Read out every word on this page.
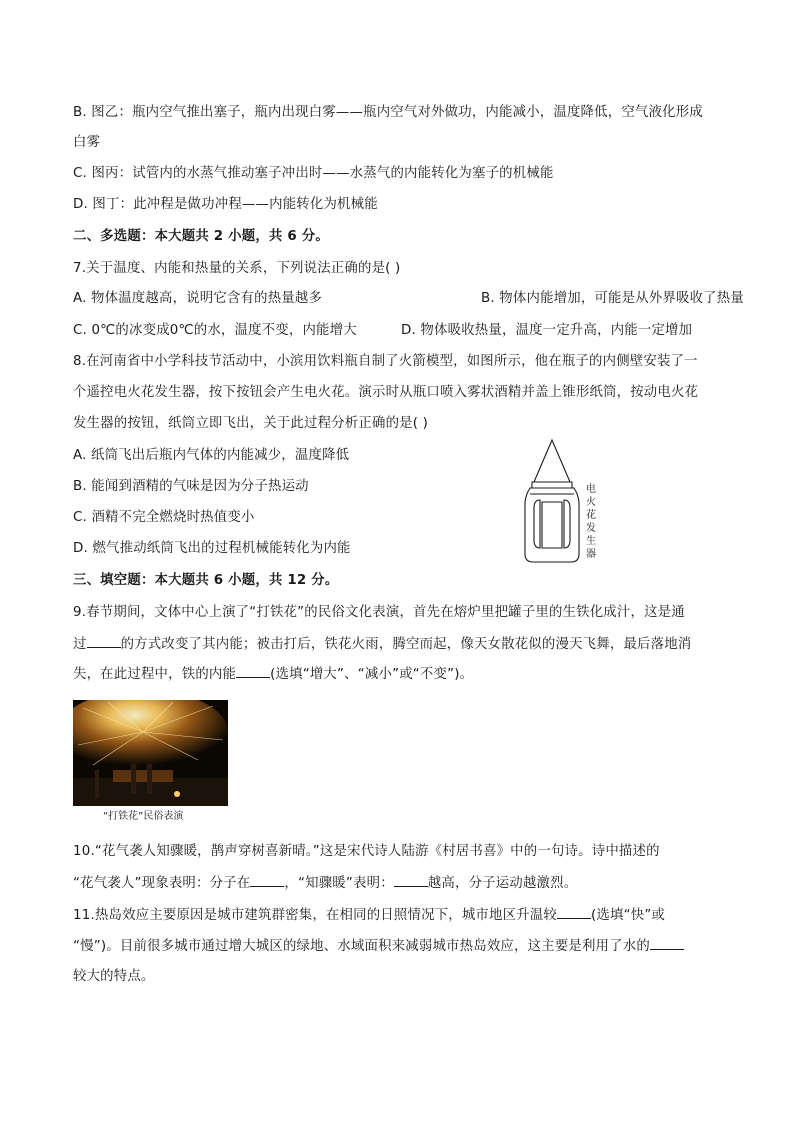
B. 图乙：瓶内空气推出塞子，瓶内出现白雾——瓶内空气对外做功，内能减小，温度降低，空气液化形成

白雾

C. 图丙：试管内的水蒸气推动塞子冲出时——水蒸气的内能转化为塞子的机械能

D. 图丁：此冲程是做功冲程——内能转化为机械能

二、多选题：本大题共 2 小题，共 6 分。

7.关于温度、内能和热量的关系，下列说法正确的是( )

A. 物体温度越高，说明它含有的热量越多	B. 物体内能增加，可能是从外界吸收了热量
C. 0℃的冰变成0℃的水，温度不变，内能增大	D. 物体吸收热量，温度一定升高，内能一定增加

8.在河南省中小学科技节活动中，小滨用饮料瓶自制了火箭模型，如图所示，他在瓶子的内侧壁安装了一

个遥控电火花发生器，按下按钮会产生电火花。演示时从瓶口喷入雾状酒精并盖上锥形纸筒，按动电火花

发生器的按钮，纸筒立即飞出，关于此过程分析正确的是( )

A. 纸筒飞出后瓶内气体的内能减少，温度降低

B. 能闻到酒精的气味是因为分子热运动

C. 酒精不完全燃烧时热值变小

D. 燃气推动纸筒飞出的过程机械能转化为内能

电
火
花
发
生
器

三、填空题：本大题共 6 小题，共 12 分。

9.春节期间，文体中心上演了“打铁花”的民俗文化表演，首先在熔炉里把罐子里的生铁化成汁，这是通

过	的方式改变了其内能；被击打后，铁花火雨，腾空而起，像天女散花似的漫天飞舞，最后落地消

失，在此过程中，铁的内能	(选填“增大”、“减小”或“不变”)。

“打铁花”民俗表演

10.“花气袭人知骤暖，鹊声穿树喜新晴。”这是宋代诗人陆游《村居书喜》中的一句诗。诗中描述的

“花气袭人”现象表明：分子在	，“知骤暖”表明：	越高，分子运动越激烈。

11.热岛效应主要原因是城市建筑群密集，在相同的日照情况下，城市地区升温较	(选填“快”或

“慢”)。目前很多城市通过增大城区的绿地、水域面积来减弱城市热岛效应，这主要是利用了水的

较大的特点。
